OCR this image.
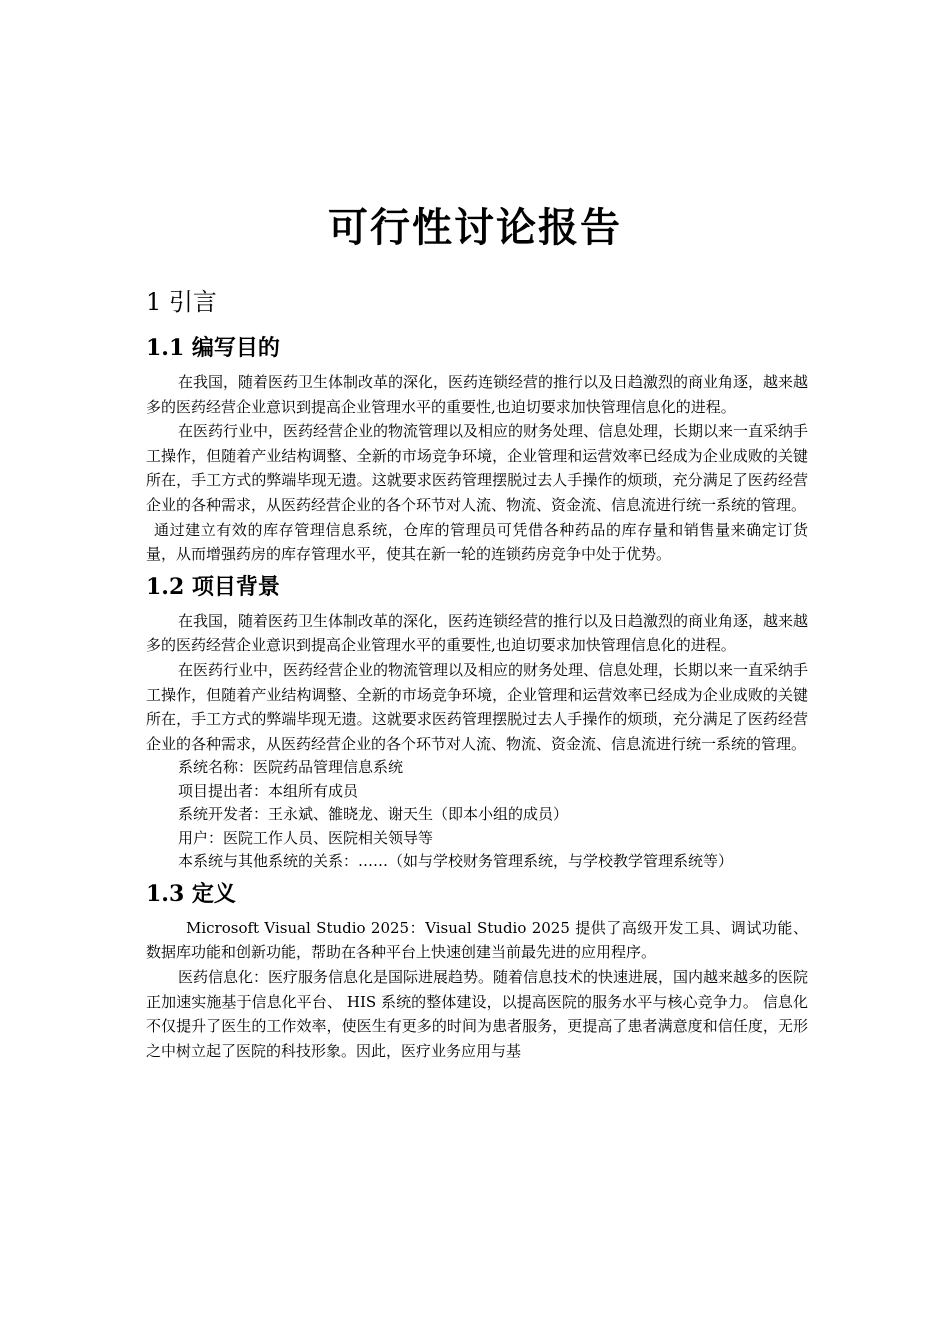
可行性讨论报告
1 引言
1.1 编写目的

在我国，随着医药卫生体制改革的深化，医药连锁经营的推行以及日趋激烈的商业角逐，越来越多的医药经营企业意识到提高企业管理水平的重要性,也迫切要求加快管理信息化的进程。

在医药行业中，医药经营企业的物流管理以及相应的财务处理、信息处理，长期以来一直采纳手工操作，但随着产业结构调整、全新的市场竞争环境，企业管理和运营效率已经成为企业成败的关键所在，手工方式的弊端毕现无遗。这就要求医药管理摆脱过去人手操作的烦琐，充分满足了医药经营企业的各种需求，从医药经营企业的各个环节对人流、物流、资金流、信息流进行统一系统的管理。

通过建立有效的库存管理信息系统，仓库的管理员可凭借各种药品的库存量和销售量来确定订货量，从而增强药房的库存管理水平，使其在新一轮的连锁药房竞争中处于优势。

1.2 项目背景

在我国，随着医药卫生体制改革的深化，医药连锁经营的推行以及日趋激烈的商业角逐，越来越多的医药经营企业意识到提高企业管理水平的重要性,也迫切要求加快管理信息化的进程。

在医药行业中，医药经营企业的物流管理以及相应的财务处理、信息处理，长期以来一直采纳手工操作，但随着产业结构调整、全新的市场竞争环境，企业管理和运营效率已经成为企业成败的关键所在，手工方式的弊端毕现无遗。这就要求医药管理摆脱过去人手操作的烦琐，充分满足了医药经营企业的各种需求，从医药经营企业的各个环节对人流、物流、资金流、信息流进行统一系统的管理。

系统名称：医院药品管理信息系统

项目提出者：本组所有成员

系统开发者：王永斌、雒晓龙、谢天生（即本小组的成员）

用户：医院工作人员、医院相关领导等

本系统与其他系统的关系：……（如与学校财务管理系统，与学校教学管理系统等）

1.3 定义

Microsoft Visual Studio 2025：Visual Studio 2025 提供了高级开发工具、调试功能、数据库功能和创新功能，帮助在各种平台上快速创建当前最先进的应用程序。

医药信息化：医疗服务信息化是国际进展趋势。随着信息技术的快速进展，国内越来越多的医院正加速实施基于信息化平台、 HIS 系统的整体建设，以提高医院的服务水平与核心竞争力。 信息化不仅提升了医生的工作效率，使医生有更多的时间为患者服务，更提高了患者满意度和信任度，无形之中树立起了医院的科技形象。因此，医疗业务应用与基
